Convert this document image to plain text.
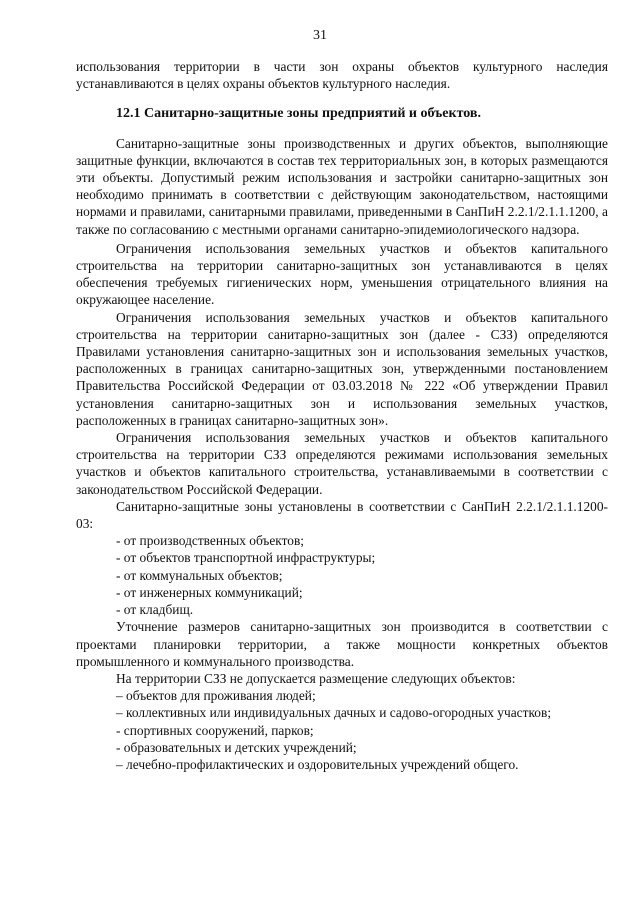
31

использования территории в части зон охраны объектов культурного наследия устанавливаются в целях охраны объектов культурного наследия.

12.1 Санитарно-защитные зоны предприятий и объектов.

Санитарно-защитные зоны производственных и других объектов, выполняющие защитные функции, включаются в состав тех территориальных зон, в которых размещаются эти объекты. Допустимый режим использования и застройки санитарно-защитных зон необходимо принимать в соответствии с действующим законодательством, настоящими нормами и правилами, санитарными правилами, приведенными в СанПиН 2.2.1/2.1.1.1200, а также по согласованию с местными органами санитарно-эпидемиологического надзора.

Ограничения использования земельных участков и объектов капитального строительства на территории санитарно-защитных зон устанавливаются в целях обеспечения требуемых гигиенических норм, уменьшения отрицательного влияния на окружающее население.

Ограничения использования земельных участков и объектов капитального строительства на территории санитарно-защитных зон (далее - СЗЗ) определяются Правилами установления санитарно-защитных зон и использования земельных участков, расположенных в границах санитарно-защитных зон, утвержденными постановлением Правительства Российской Федерации от 03.03.2018 № 222 «Об утверждении Правил установления санитарно-защитных зон и использования земельных участков, расположенных в границах санитарно-защитных зон».

Ограничения использования земельных участков и объектов капитального строительства на территории СЗЗ определяются режимами использования земельных участков и объектов капитального строительства, устанавливаемыми в соответствии с законодательством Российской Федерации.

Санитарно-защитные зоны установлены в соответствии с СанПиН 2.2.1/2.1.1.1200-03:

- от производственных объектов;
- от объектов транспортной инфраструктуры;
- от коммунальных объектов;
- от инженерных коммуникаций;
- от кладбищ.

Уточнение размеров санитарно-защитных зон производится в соответствии с проектами планировки территории, а также мощности конкретных объектов промышленного и коммунального производства.

На территории СЗЗ не допускается размещение следующих объектов:

– объектов для проживания людей;
– коллективных или индивидуальных дачных и садово-огородных участков;
- спортивных сооружений, парков;
- образовательных и детских учреждений;
– лечебно-профилактических и оздоровительных учреждений общего.
